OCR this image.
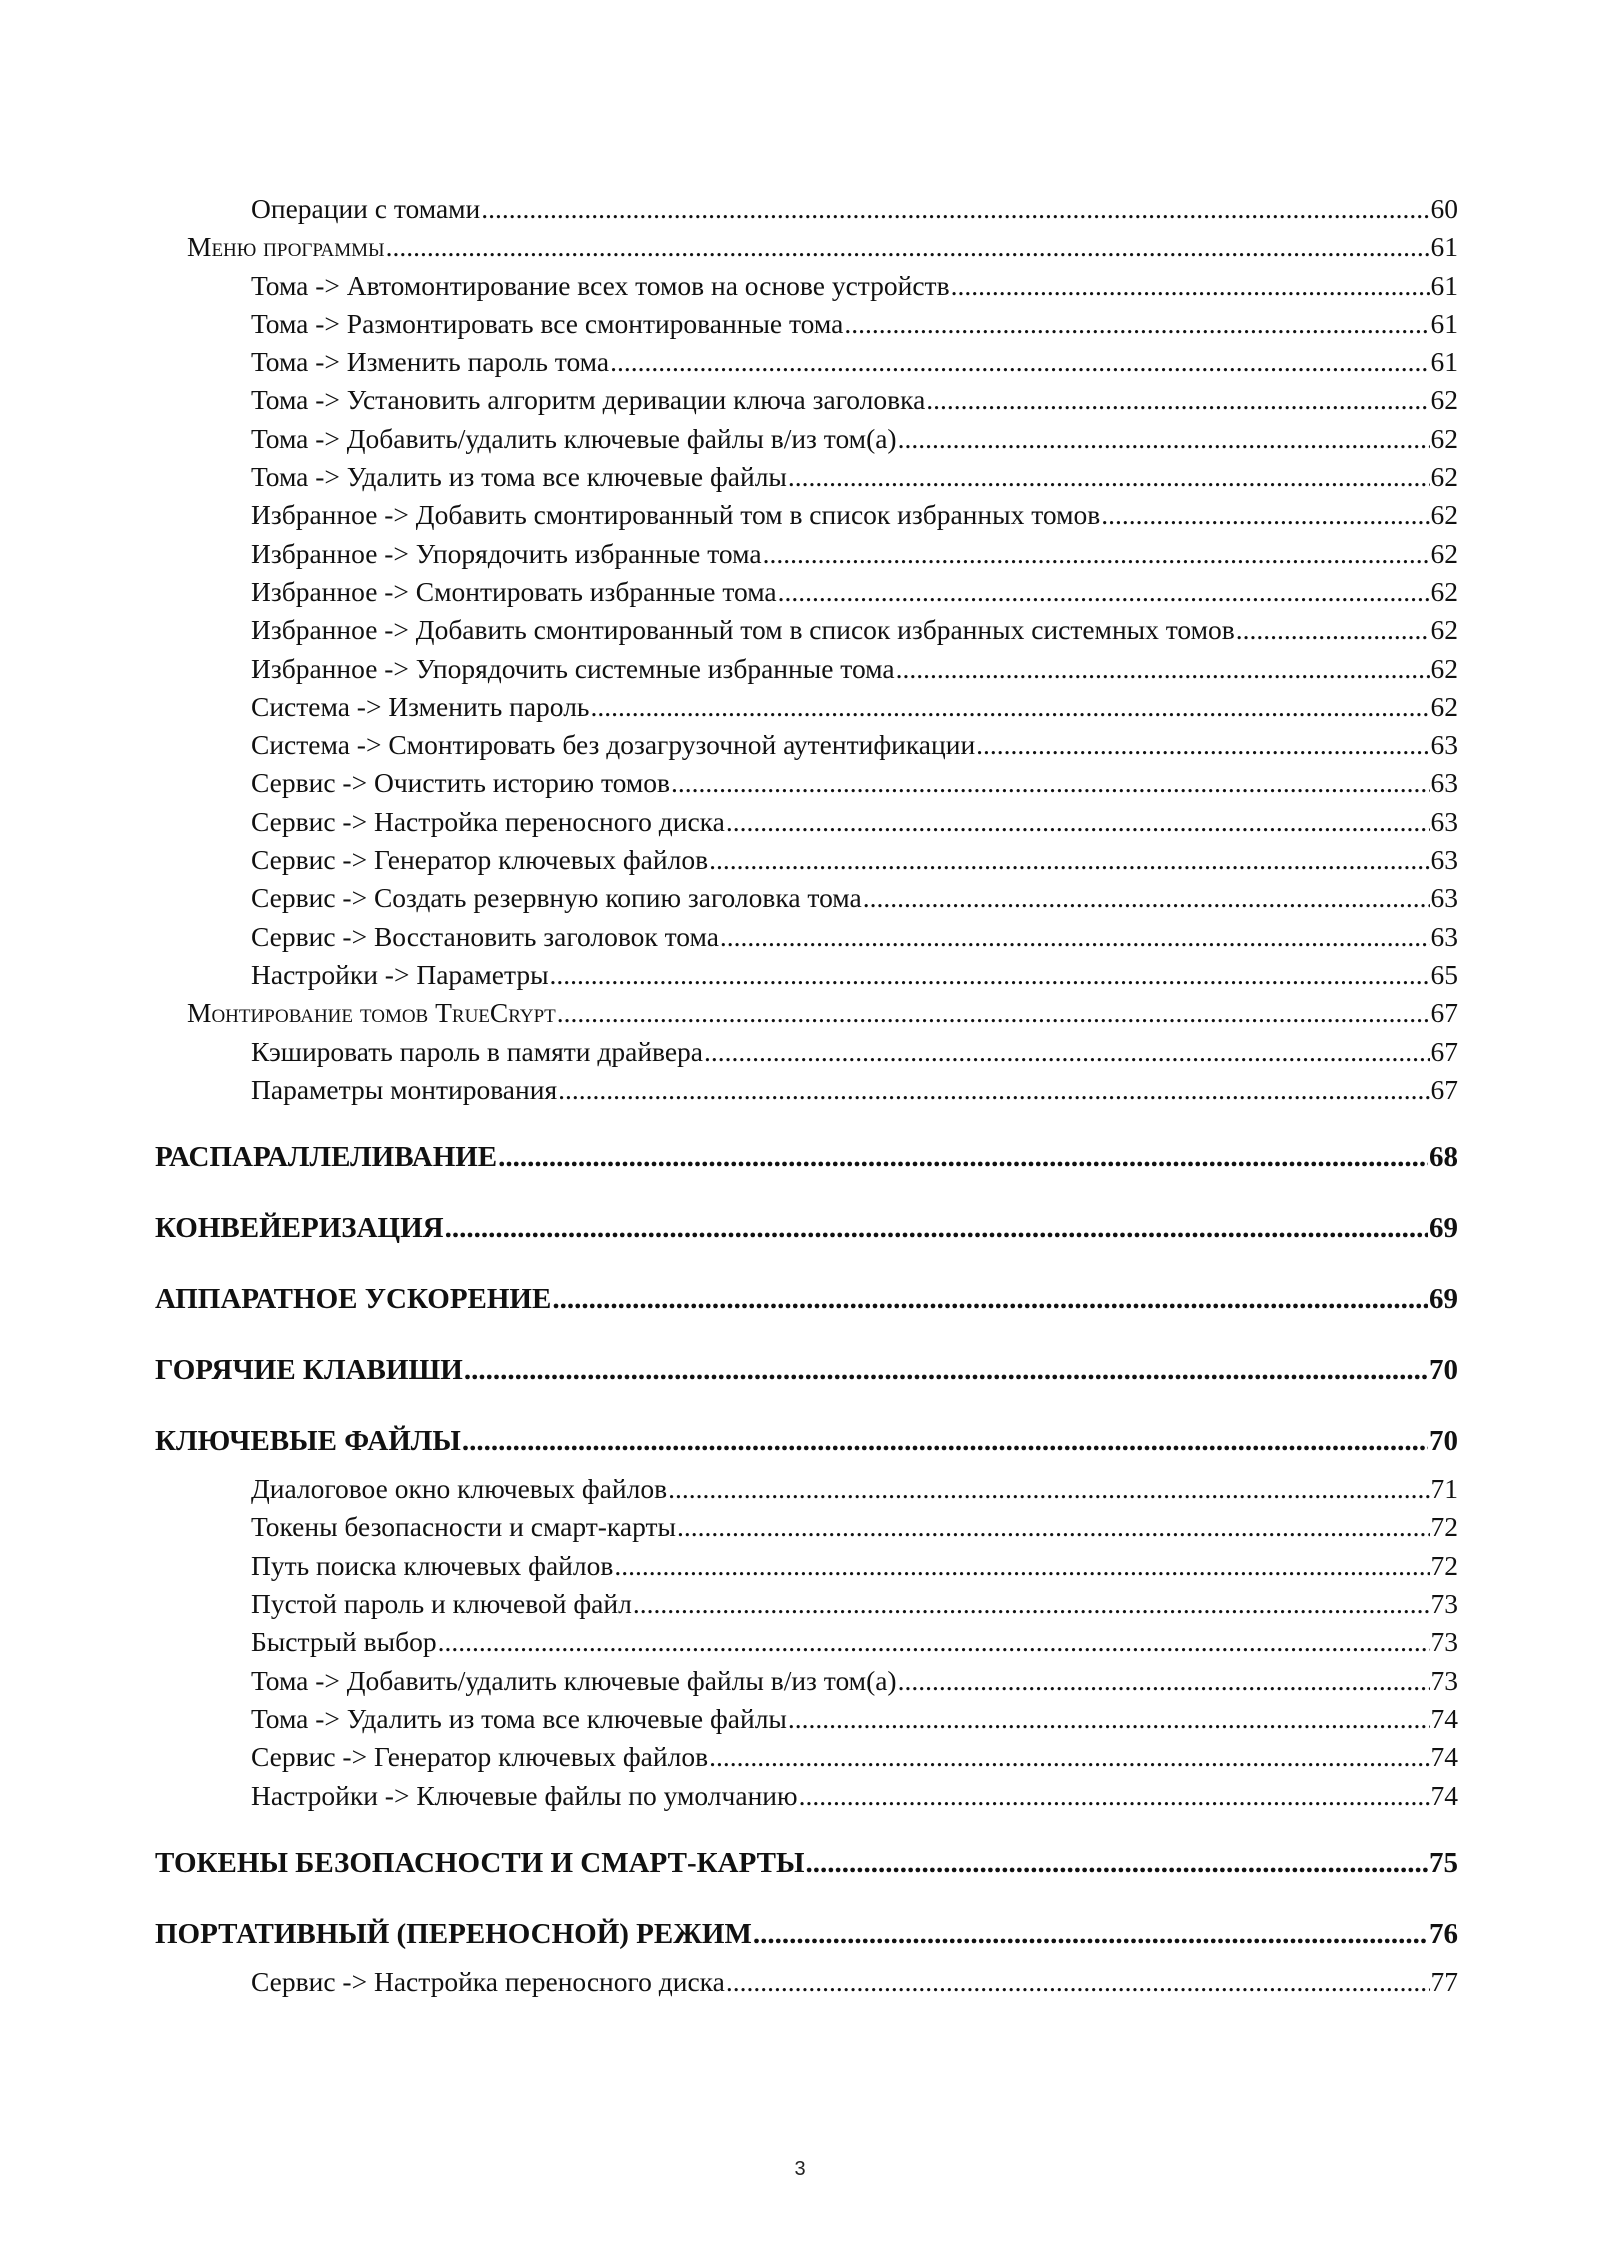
Операции с томами .....	60
Меню программы .....	61
Тома -> Автомонтирование всех томов на основе устройств .....	61
Тома -> Размонтировать все смонтированные тома .....	61
Тома -> Изменить пароль тома .....	61
Тома -> Установить алгоритм деривации ключа заголовка .....	62
Тома -> Добавить/удалить ключевые файлы в/из том(а) .....	62
Тома -> Удалить из тома все ключевые файлы .....	62
Избранное -> Добавить смонтированный том в список избранных томов .....	62
Избранное -> Упорядочить избранные тома .....	62
Избранное -> Смонтировать избранные тома .....	62
Избранное -> Добавить смонтированный том в список избранных системных томов .....	62
Избранное -> Упорядочить системные избранные тома .....	62
Система -> Изменить пароль .....	62
Система -> Смонтировать без дозагрузочной аутентификации .....	63
Сервис -> Очистить историю томов .....	63
Сервис -> Настройка переносного диска .....	63
Сервис -> Генератор ключевых файлов .....	63
Сервис -> Создать резервную копию заголовка тома .....	63
Сервис -> Восстановить заголовок тома .....	63
Настройки -> Параметры .....	65
Монтирование томов TrueCrypt .....	67
Кэшировать пароль в памяти драйвера .....	67
Параметры монтирования .....	67
РАСПАРАЛЛЕЛИВАНИЕ .....	68
КОНВЕЙЕРИЗАЦИЯ .....	69
АППАРАТНОЕ УСКОРЕНИЕ .....	69
ГОРЯЧИЕ КЛАВИШИ .....	70
КЛЮЧЕВЫЕ ФАЙЛЫ .....	70
Диалоговое окно ключевых файлов .....	71
Токены безопасности и смарт-карты .....	72
Путь поиска ключевых файлов .....	72
Пустой пароль и ключевой файл .....	73
Быстрый выбор .....	73
Тома -> Добавить/удалить ключевые файлы в/из том(а) .....	73
Тома -> Удалить из тома все ключевые файлы .....	74
Сервис -> Генератор ключевых файлов .....	74
Настройки -> Ключевые файлы по умолчанию .....	74
ТОКЕНЫ БЕЗОПАСНОСТИ И СМАРТ-КАРТЫ .....	75
ПОРТАТИВНЫЙ (ПЕРЕНОСНОЙ) РЕЖИМ .....	76
Сервис -> Настройка переносного диска .....	77
3
